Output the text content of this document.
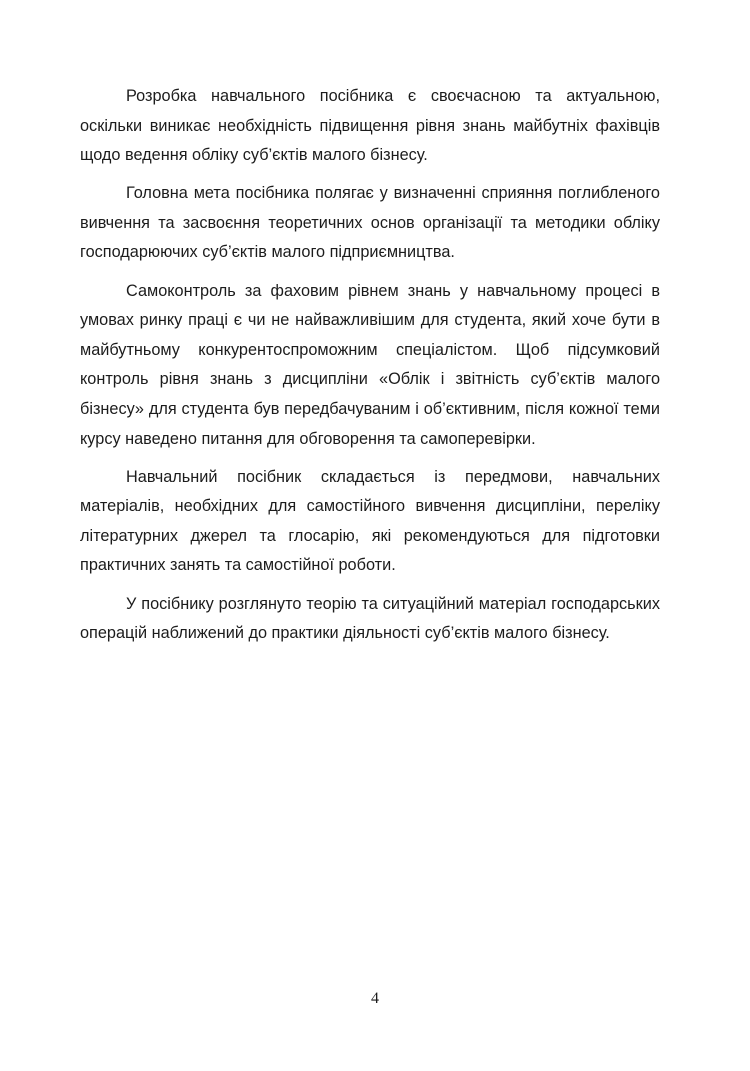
Розробка навчального посібника є своєчасною та актуальною, оскільки виникає необхідність підвищення рівня знань майбутніх фахівців щодо ведення обліку суб’єктів малого бізнесу.

Головна мета посібника полягає у визначенні сприяння поглибленого вивчення та засвоєння теоретичних основ організації та методики обліку господарюючих суб’єктів малого підприємництва.

Самоконтроль за фаховим рівнем знань у навчальному процесі в умовах ринку праці є чи не найважливішим для студента, який хоче бути в майбутньому конкурентоспроможним спеціалістом. Щоб підсумковий контроль рівня знань з дисципліни «Облік і звітність суб’єктів малого бізнесу» для студента був передбачуваним і об’єктивним, після кожної теми курсу наведено питання для обговорення та самоперевірки.

Навчальний посібник складається із передмови, навчальних матеріалів, необхідних для самостійного вивчення дисципліни, переліку літературних джерел та глосарію, які рекомендуються для підготовки практичних занять та самостійної роботи.

У посібнику розглянуто теорію та ситуаційний матеріал господарських операцій наближений до практики діяльності суб’єктів малого бізнесу.

4
